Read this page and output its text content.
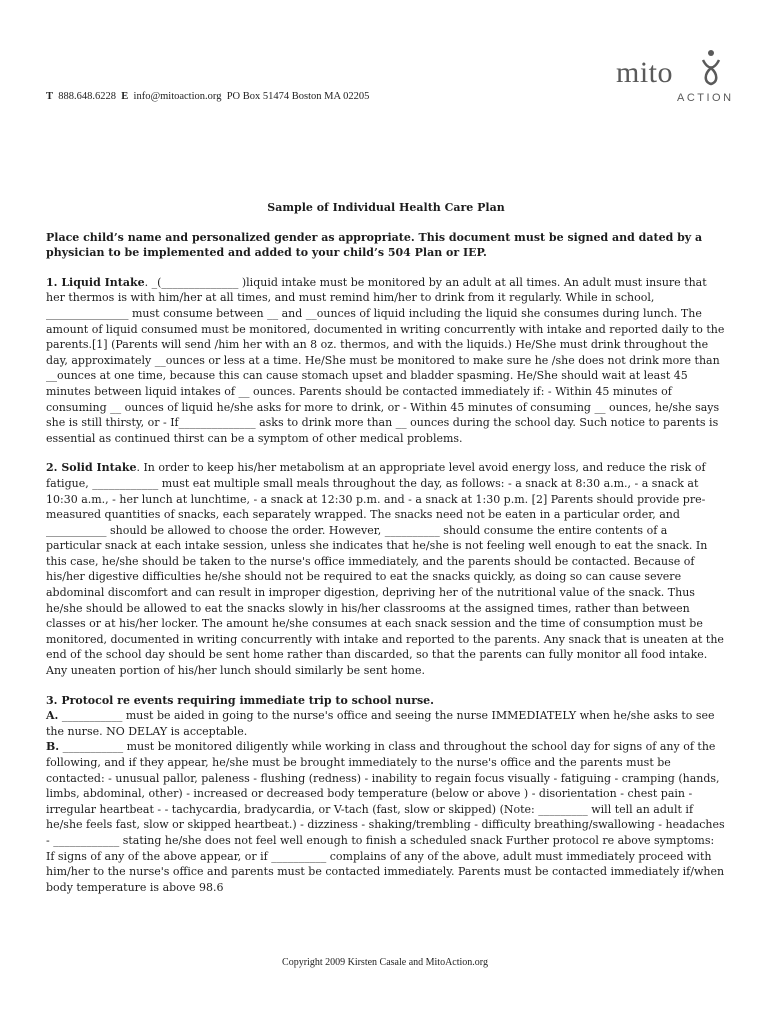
T 888.648.6228 E info@mitoaction.org PO Box 51474 Boston MA 02205
mito
ACTION
Sample of Individual Health Care Plan
Place child’s name and personalized gender as appropriate. This document must be signed and dated by a physician to be implemented and added to your child’s 504 Plan or IEP.

1. Liquid Intake. _(______________ )liquid intake must be monitored by an adult at all times. An adult must insure that her thermos is with him/her at all times, and must remind him/her to drink from it regularly. While in school, _______________ must consume between __ and __ounces of liquid including the liquid she consumes during lunch. The amount of liquid consumed must be monitored, documented in writing concurrently with intake and reported daily to the parents.[1] (Parents will send /him her with an 8 oz. thermos, and with the liquids.) He/She must drink throughout the day, approximately __ounces or less at a time. He/She must be monitored to make sure he /she does not drink more than __ounces at one time, because this can cause stomach upset and bladder spasming. He/She should wait at least 45 minutes between liquid intakes of __ ounces. Parents should be contacted immediately if: - Within 45 minutes of consuming __ ounces of liquid he/she asks for more to drink, or - Within 45 minutes of consuming __ ounces, he/she says she is still thirsty, or - If______________ asks to drink more than __ ounces during the school day. Such notice to parents is essential as continued thirst can be a symptom of other medical problems.

2. Solid Intake. In order to keep his/her metabolism at an appropriate level avoid energy loss, and reduce the risk of fatigue, ____________ must eat multiple small meals throughout the day, as follows: - a snack at 8:30 a.m., - a snack at 10:30 a.m., - her lunch at lunchtime, - a snack at 12:30 p.m. and - a snack at 1:30 p.m. [2] Parents should provide pre-measured quantities of snacks, each separately wrapped. The snacks need not be eaten in a particular order, and ___________ should be allowed to choose the order. However, __________ should consume the entire contents of a particular snack at each intake session, unless she indicates that he/she is not feeling well enough to eat the snack. In this case, he/she should be taken to the nurse's office immediately, and the parents should be contacted. Because of his/her digestive difficulties he/she should not be required to eat the snacks quickly, as doing so can cause severe abdominal discomfort and can result in improper digestion, depriving her of the nutritional value of the snack. Thus he/she should be allowed to eat the snacks slowly in his/her classrooms at the assigned times, rather than between classes or at his/her locker. The amount he/she consumes at each snack session and the time of consumption must be monitored, documented in writing concurrently with intake and reported to the parents. Any snack that is uneaten at the end of the school day should be sent home rather than discarded, so that the parents can fully monitor all food intake. Any uneaten portion of his/her lunch should similarly be sent home.

3. Protocol re events requiring immediate trip to school nurse.
A. ___________ must be aided in going to the nurse's office and seeing the nurse IMMEDIATELY when he/she asks to see the nurse. NO DELAY is acceptable.
B. ___________ must be monitored diligently while working in class and throughout the school day for signs of any of the following, and if they appear, he/she must be brought immediately to the nurse's office and the parents must be contacted: - unusual pallor, paleness - flushing (redness) - inability to regain focus visually - fatiguing - cramping (hands, limbs, abdominal, other) - increased or decreased body temperature (below or above ) - disorientation - chest pain - irregular heartbeat - - tachycardia, bradycardia, or V-tach (fast, slow or skipped) (Note: _________ will tell an adult if he/she feels fast, slow or skipped heartbeat.) - dizziness - shaking/trembling - difficulty breathing/swallowing - headaches - ____________ stating he/she does not feel well enough to finish a scheduled snack Further protocol re above symptoms: If signs of any of the above appear, or if __________ complains of any of the above, adult must immediately proceed with him/her to the nurse's office and parents must be contacted immediately. Parents must be contacted immediately if/when body temperature is above 98.6
Copyright 2009 Kirsten Casale and MitoAction.org
